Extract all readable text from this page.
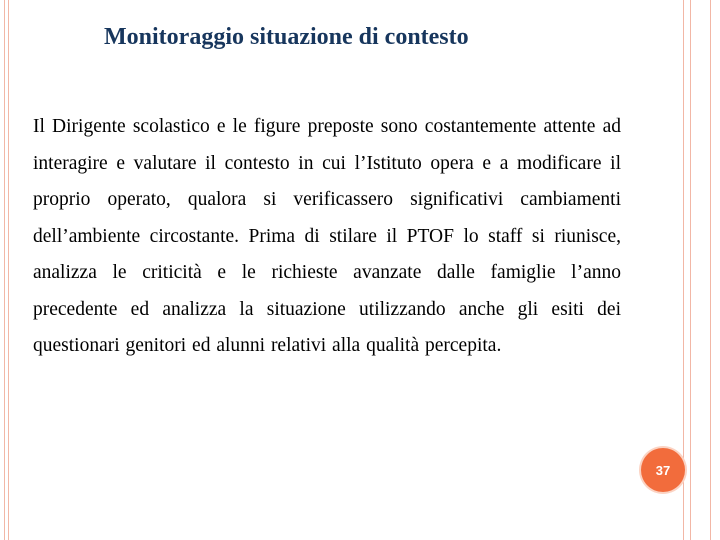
Monitoraggio situazione di contesto

Il Dirigente scolastico e le figure preposte sono costantemente attente ad interagire e valutare il contesto in cui l’Istituto opera e a modificare il proprio operato, qualora si verificassero significativi cambiamenti dell’ambiente circostante. Prima di stilare il PTOF lo staff si riunisce, analizza le criticità e le richieste avanzate dalle famiglie l’anno precedente ed analizza la situazione utilizzando anche gli esiti dei questionari genitori ed alunni relativi alla qualità percepita.

37
